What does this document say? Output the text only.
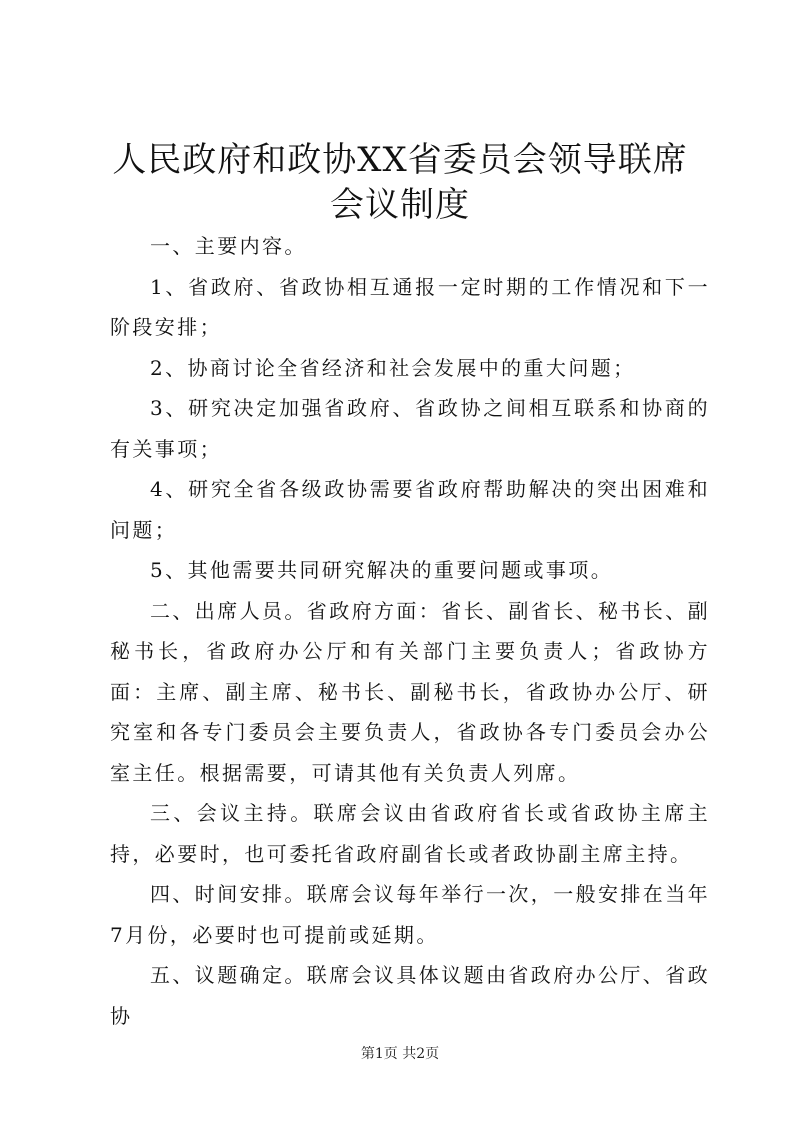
人民政府和政协XX省委员会领导联席会议制度

一、主要内容。

1、省政府、省政协相互通报一定时期的工作情况和下一阶段安排；

2、协商讨论全省经济和社会发展中的重大问题；

3、研究决定加强省政府、省政协之间相互联系和协商的有关事项；

4、研究全省各级政协需要省政府帮助解决的突出困难和问题；

5、其他需要共同研究解决的重要问题或事项。

二、出席人员。省政府方面：省长、副省长、秘书长、副秘书长，省政府办公厅和有关部门主要负责人；省政协方面：主席、副主席、秘书长、副秘书长，省政协办公厅、研究室和各专门委员会主要负责人，省政协各专门委员会办公室主任。根据需要，可请其他有关负责人列席。

三、会议主持。联席会议由省政府省长或省政协主席主持，必要时，也可委托省政府副省长或者政协副主席主持。

四、时间安排。联席会议每年举行一次，一般安排在当年7月份，必要时也可提前或延期。

五、议题确定。联席会议具体议题由省政府办公厅、省政协

第1页 共2页
